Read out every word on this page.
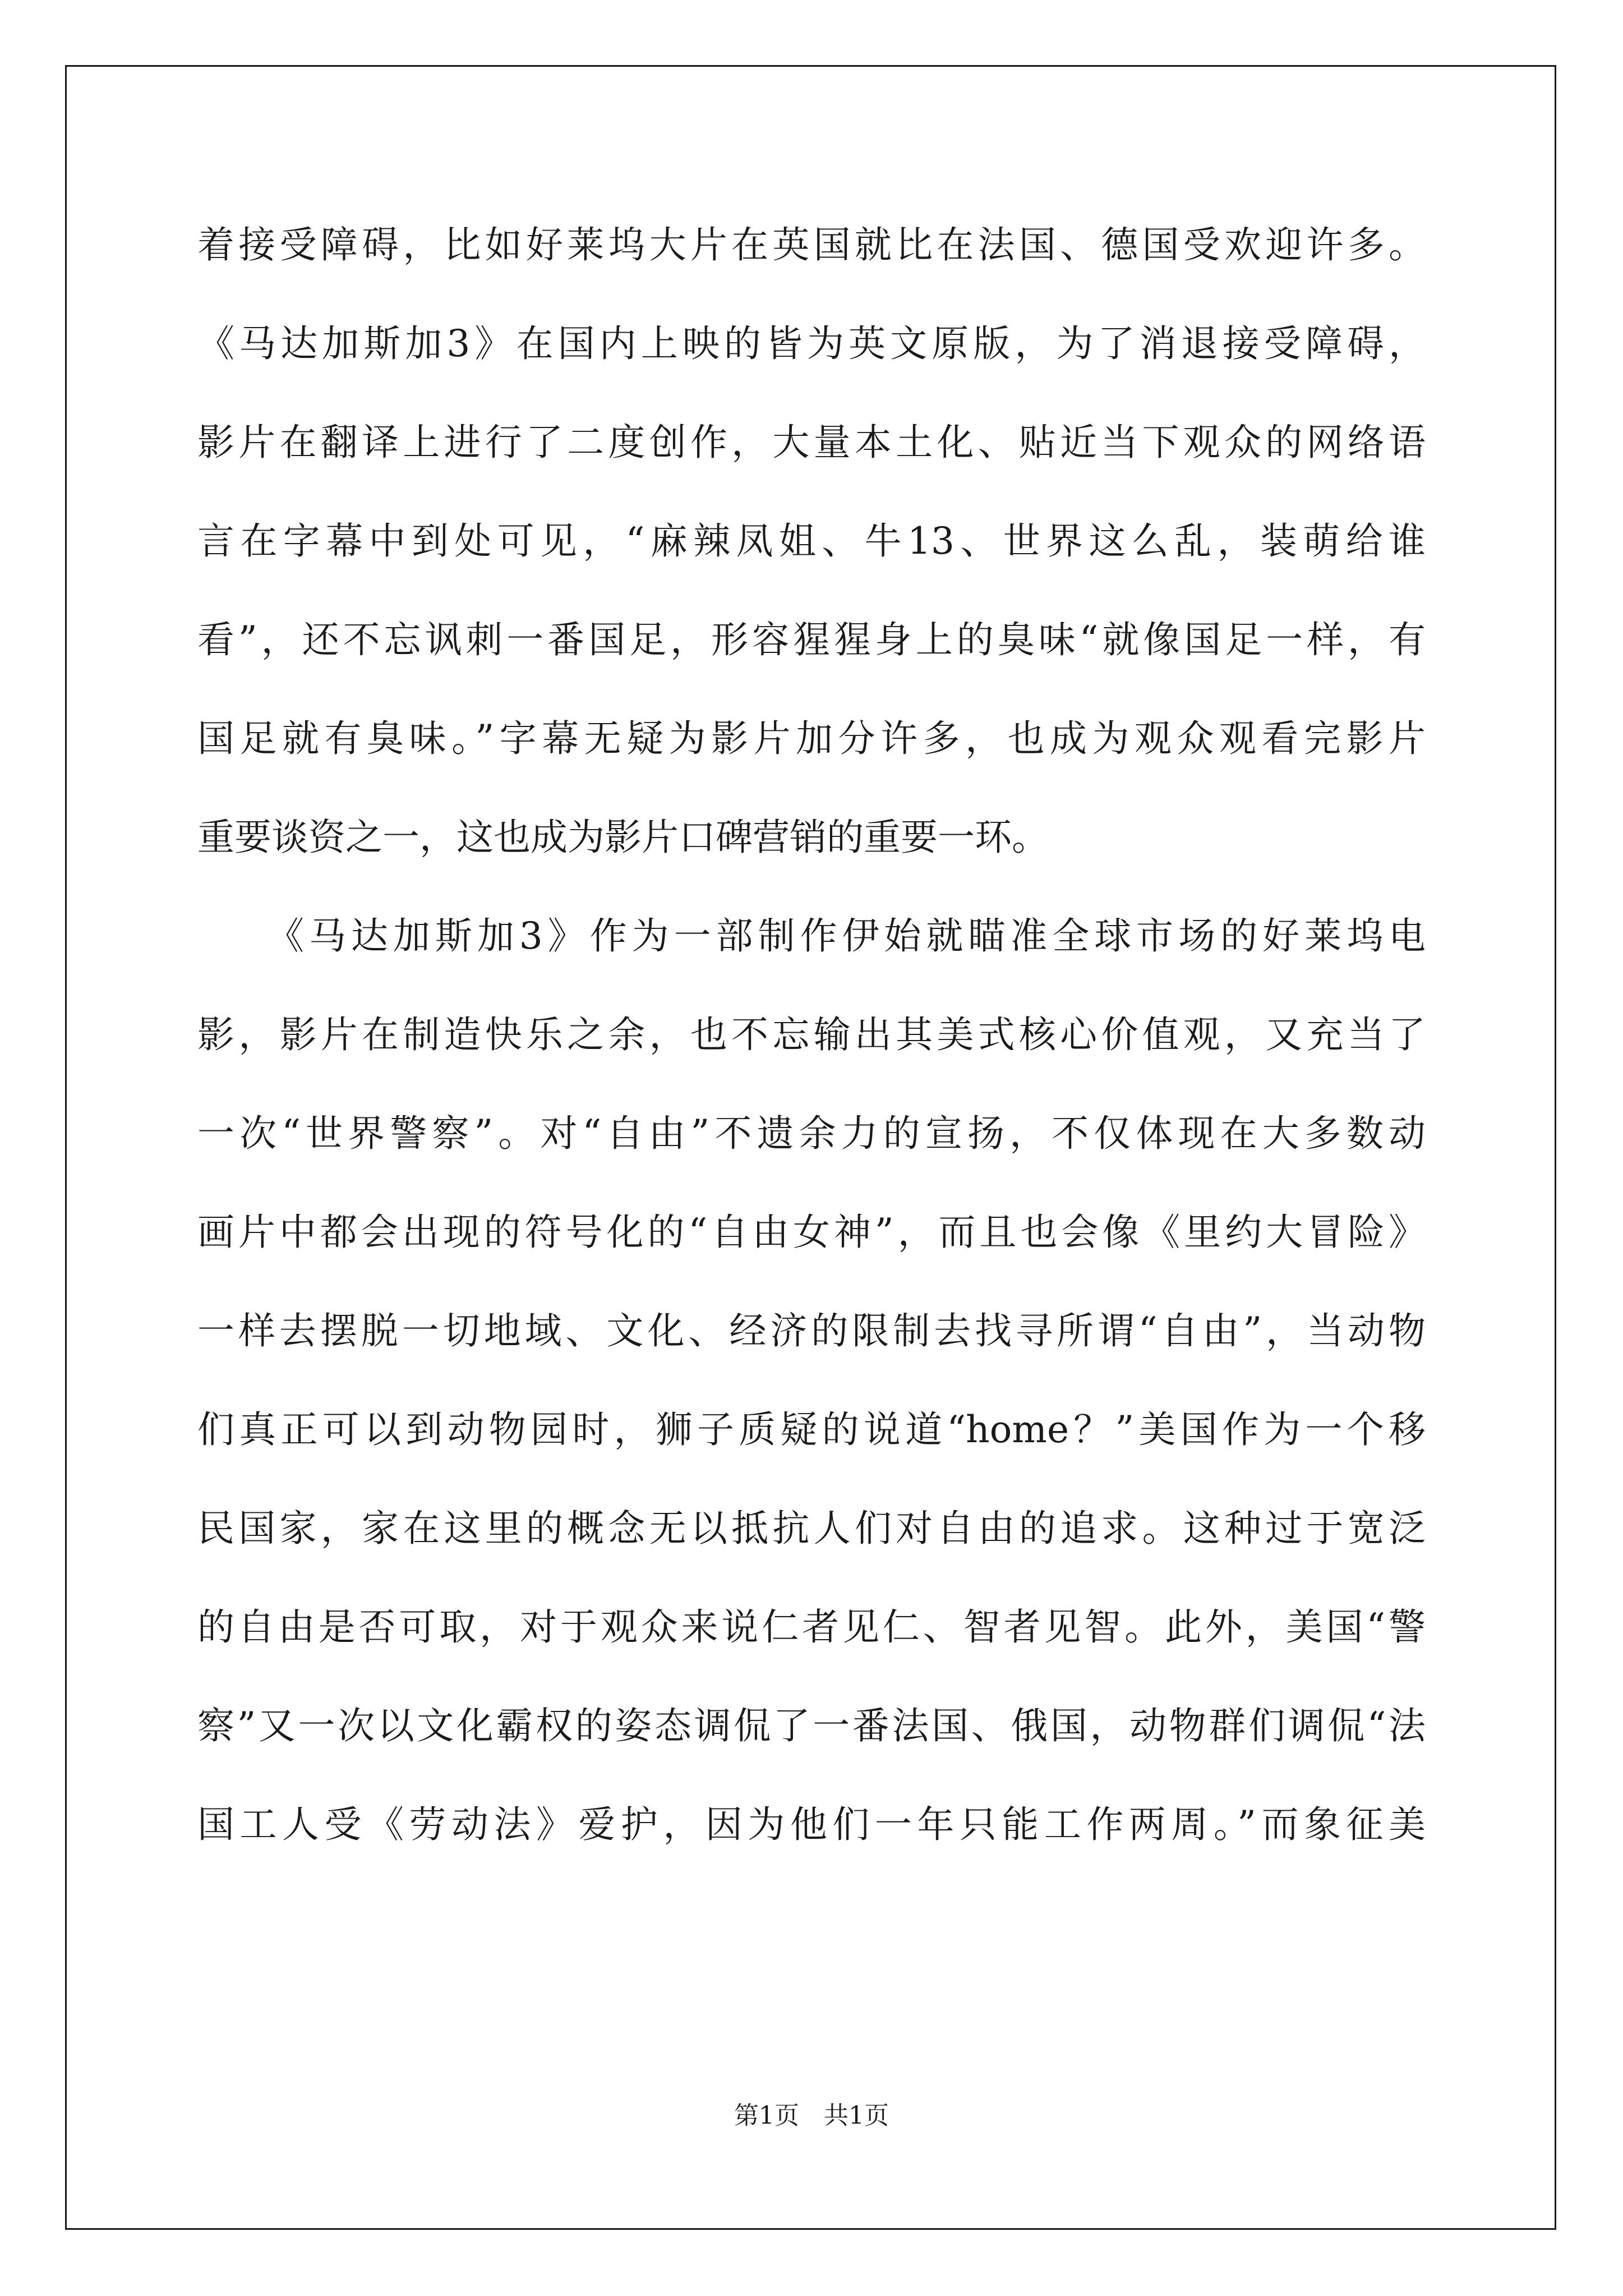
着接受障碍，比如好莱坞大片在英国就比在法国、德国受欢迎许多。
《马达加斯加3》在国内上映的皆为英文原版，为了消退接受障碍，
影片在翻译上进行了二度创作，大量本土化、贴近当下观众的网络语
言在字幕中到处可见，“麻辣凤姐、牛13、世界这么乱，装萌给谁
看”，还不忘讽刺一番国足，形容猩猩身上的臭味“就像国足一样，有
国足就有臭味。”字幕无疑为影片加分许多，也成为观众观看完影片
重要谈资之一，这也成为影片口碑营销的重要一环。
《马达加斯加3》作为一部制作伊始就瞄准全球市场的好莱坞电
影，影片在制造快乐之余，也不忘输出其美式核心价值观，又充当了
一次“世界警察”。对“自由”不遗余力的宣扬，不仅体现在大多数动
画片中都会出现的符号化的“自由女神”，而且也会像《里约大冒险》
一样去摆脱一切地域、文化、经济的限制去找寻所谓“自由”，当动物
们真正可以到动物园时，狮子质疑的说道“home？”美国作为一个移
民国家，家在这里的概念无以抵抗人们对自由的追求。这种过于宽泛
的自由是否可取，对于观众来说仁者见仁、智者见智。此外，美国“警
察”又一次以文化霸权的姿态调侃了一番法国、俄国，动物群们调侃“法
国工人受《劳动法》爱护，因为他们一年只能工作两周。”而象征美
第1页　共1页
